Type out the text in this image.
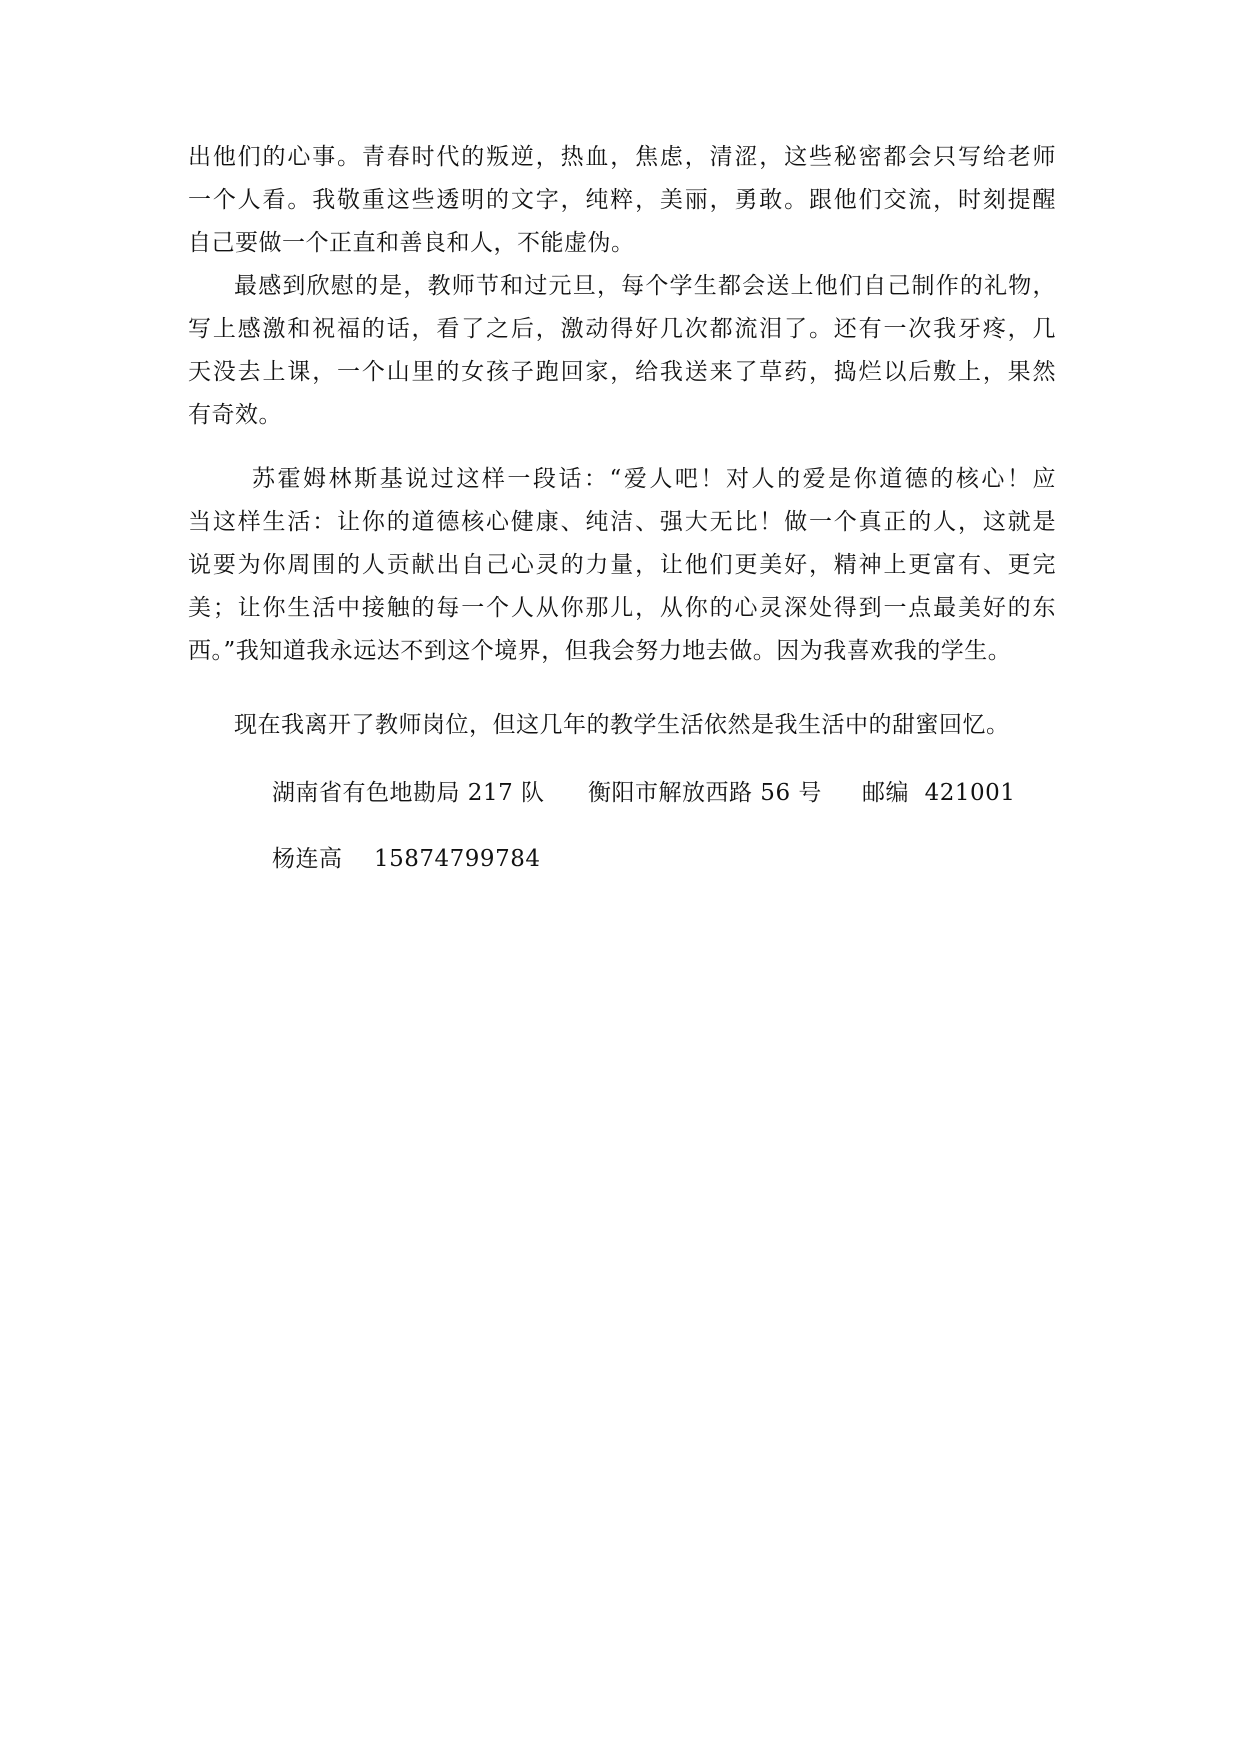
出他们的心事。青春时代的叛逆，热血，焦虑，清涩，这些秘密都会只写给老师
一个人看。我敬重这些透明的文字，纯粹，美丽，勇敢。跟他们交流，时刻提醒
自己要做一个正直和善良和人，不能虚伪。
最感到欣慰的是，教师节和过元旦，每个学生都会送上他们自己制作的礼物，
写上感激和祝福的话，看了之后，激动得好几次都流泪了。还有一次我牙疼，几
天没去上课，一个山里的女孩子跑回家，给我送来了草药，捣烂以后敷上，果然
有奇效。
苏霍姆林斯基说过这样一段话：“爱人吧！对人的爱是你道德的核心！应
当这样生活：让你的道德核心健康、纯洁、强大无比！做一个真正的人，这就是
说要为你周围的人贡献出自己心灵的力量，让他们更美好，精神上更富有、更完
美；让你生活中接触的每一个人从你那儿，从你的心灵深处得到一点最美好的东
西。”我知道我永远达不到这个境界，但我会努力地去做。因为我喜欢我的学生。

现在我离开了教师岗位，但这几年的教学生活依然是我生活中的甜蜜回忆。

湖南省有色地勘局 217 队 衡阳市解放西路 56 号 邮编  421001
杨连高 15874799784
